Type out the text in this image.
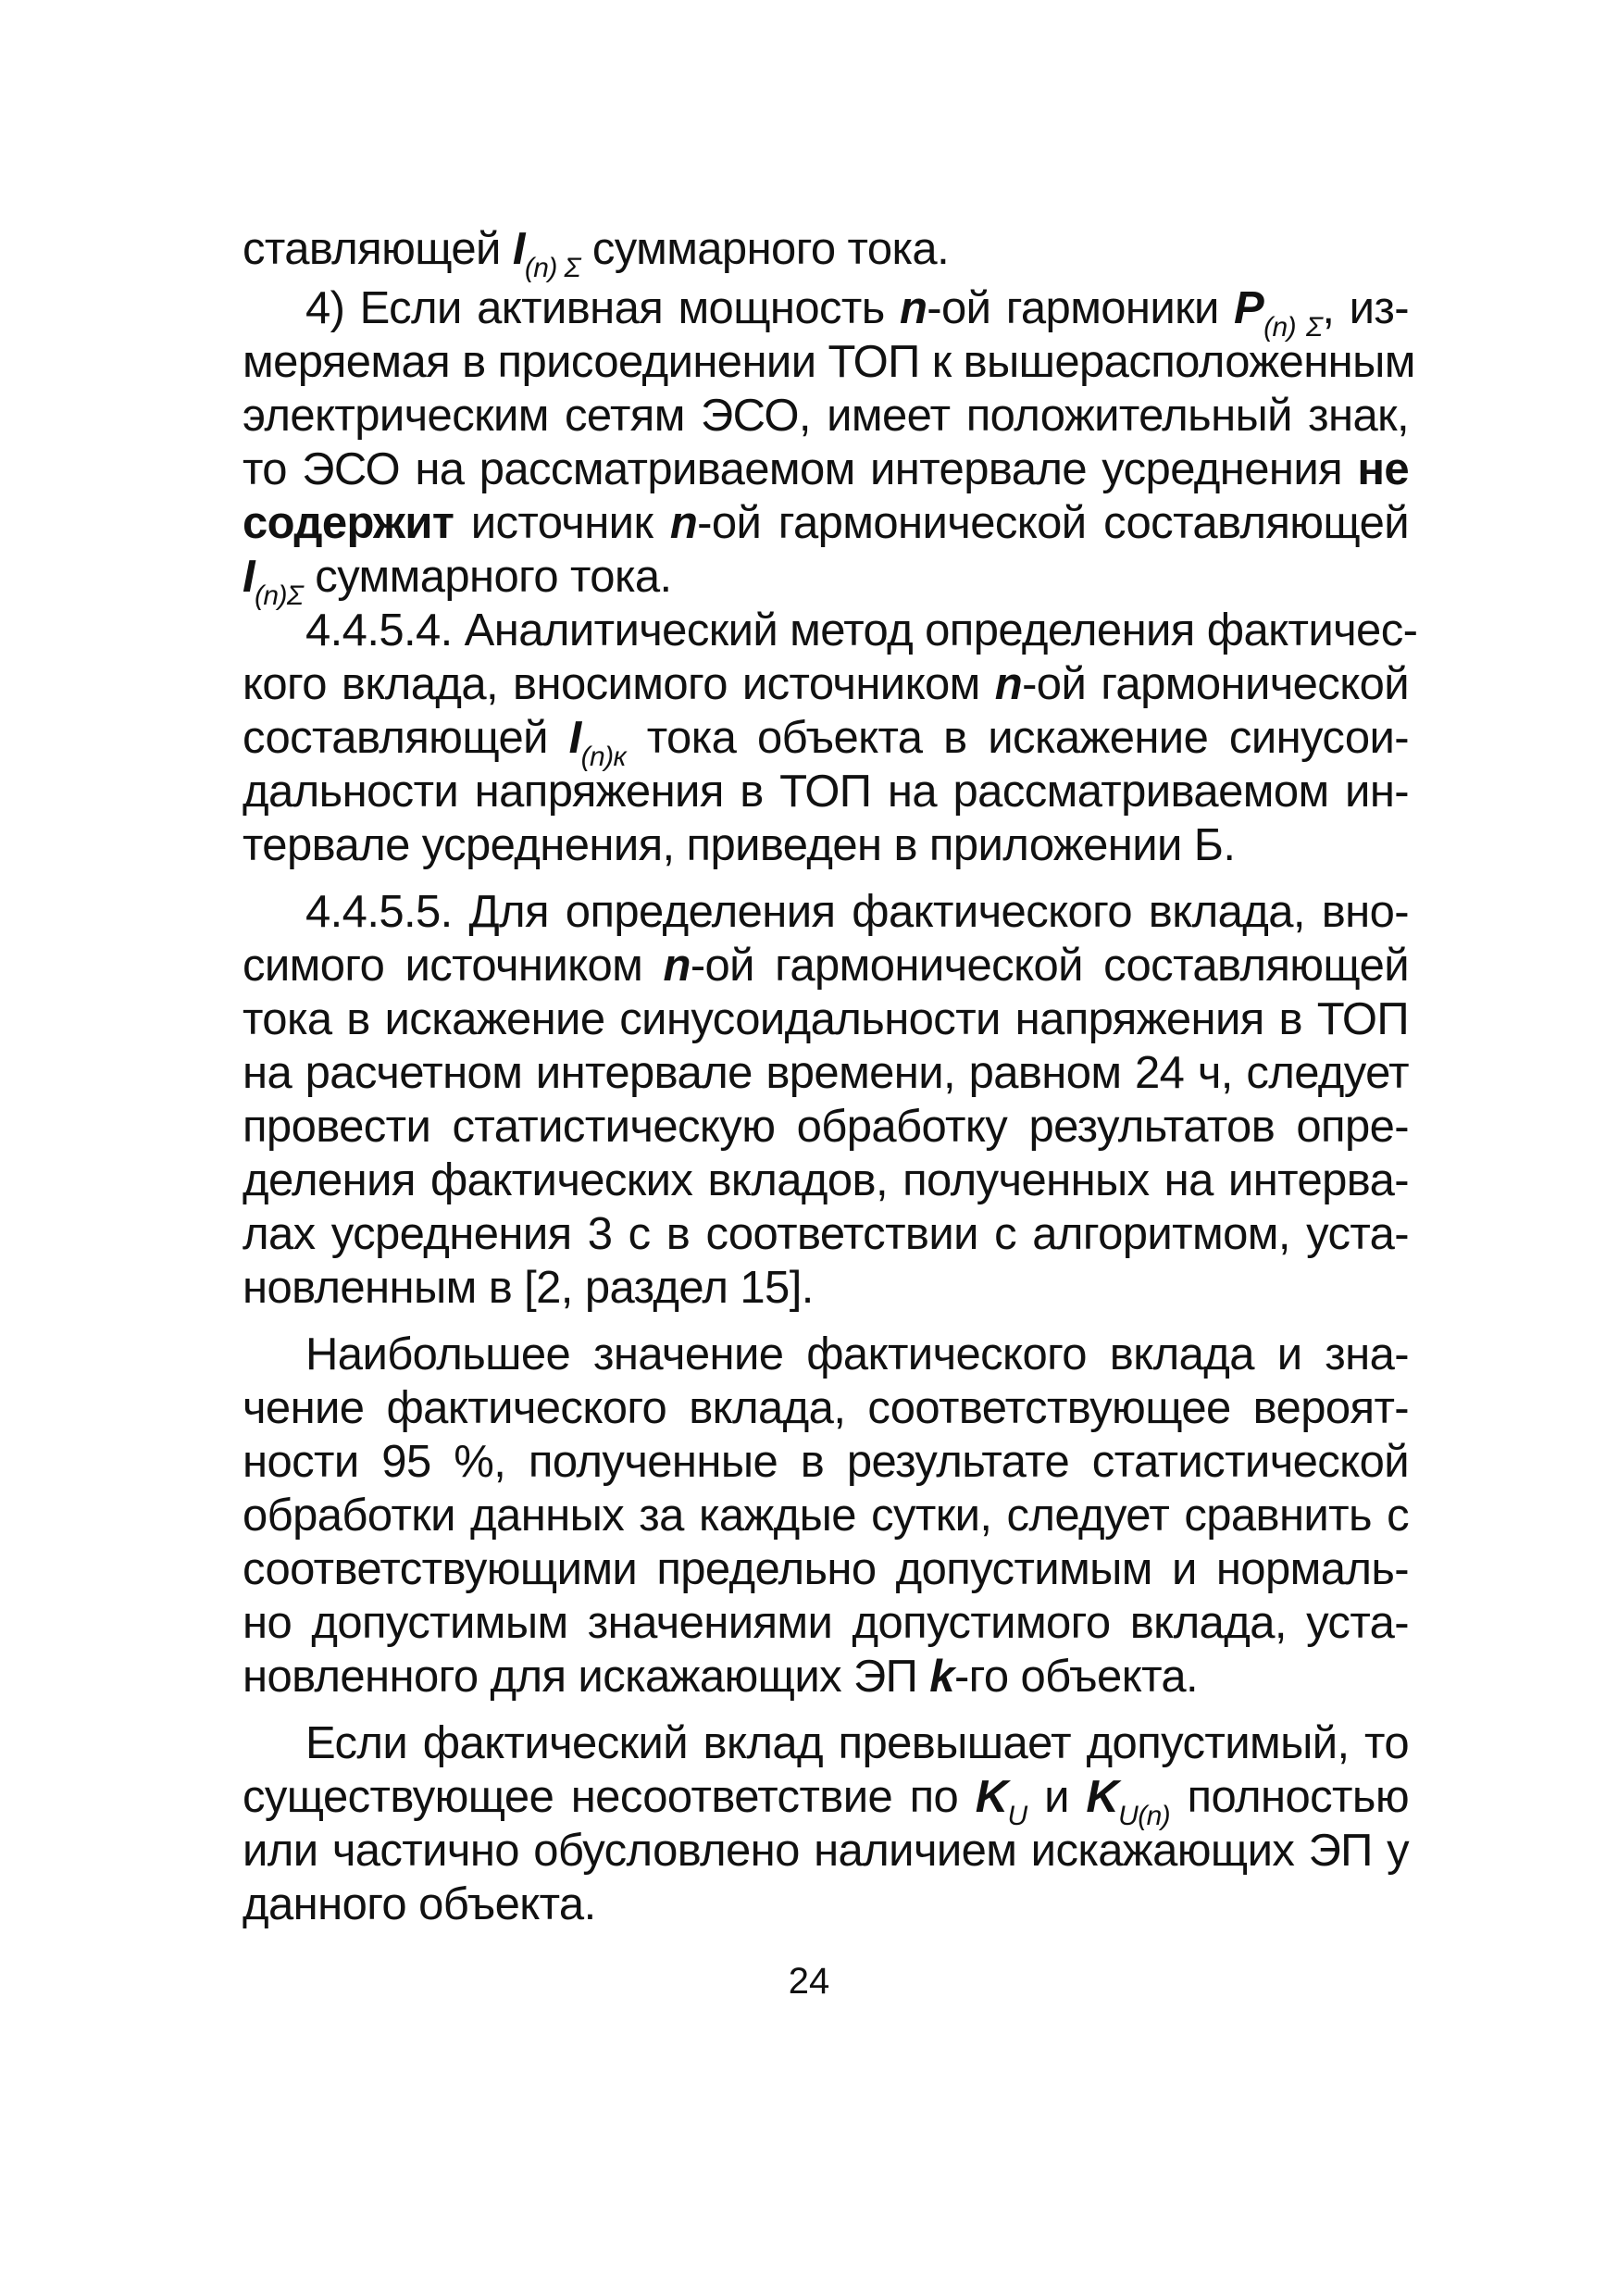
ставляющей $I_{(n) \Sigma}$ суммарного тока.
4) Если активная мощность n-ой гармоники $P_{(n) \Sigma}$, из-
меряемая в присоединении ТОП к вышерасположенным
электрическим сетям ЭСО, имеет положительный знак,
то ЭСО на рассматриваемом интервале усреднения не
содержит источник n-ой гармонической составляющей
$I_{(n)\Sigma}$ суммарного тока.
4.4.5.4. Аналитический метод определения фактичес-
кого вклада, вносимого источником n-ой гармонической
составляющей $I_{(n)к}$ тока объекта в искажение синусои-
дальности напряжения в ТОП на рассматриваемом ин-
тервале усреднения, приведен в приложении Б.
4.4.5.5. Для определения фактического вклада, вно-
симого источником n-ой гармонической составляющей
тока в искажение синусоидальности напряжения в ТОП
на расчетном интервале времени, равном 24 ч, следует
провести статистическую обработку результатов опре-
деления фактических вкладов, полученных на интерва-
лах усреднения 3 с в соответствии с алгоритмом, уста-
новленным в [2, раздел 15].
Наибольшее значение фактического вклада и зна-
чение фактического вклада, соответствующее вероят-
ности 95 %, полученные в результате статистической
обработки данных за каждые сутки, следует сравнить с
соответствующими предельно допустимым и нормаль-
но допустимым значениями допустимого вклада, уста-
новленного для искажающих ЭП k-го объекта.
Если фактический вклад превышает допустимый, то
существующее несоответствие по $K_U$ и $K_{U(n)}$ полностью
или частично обусловлено наличием искажающих ЭП у
данного объекта.
24
